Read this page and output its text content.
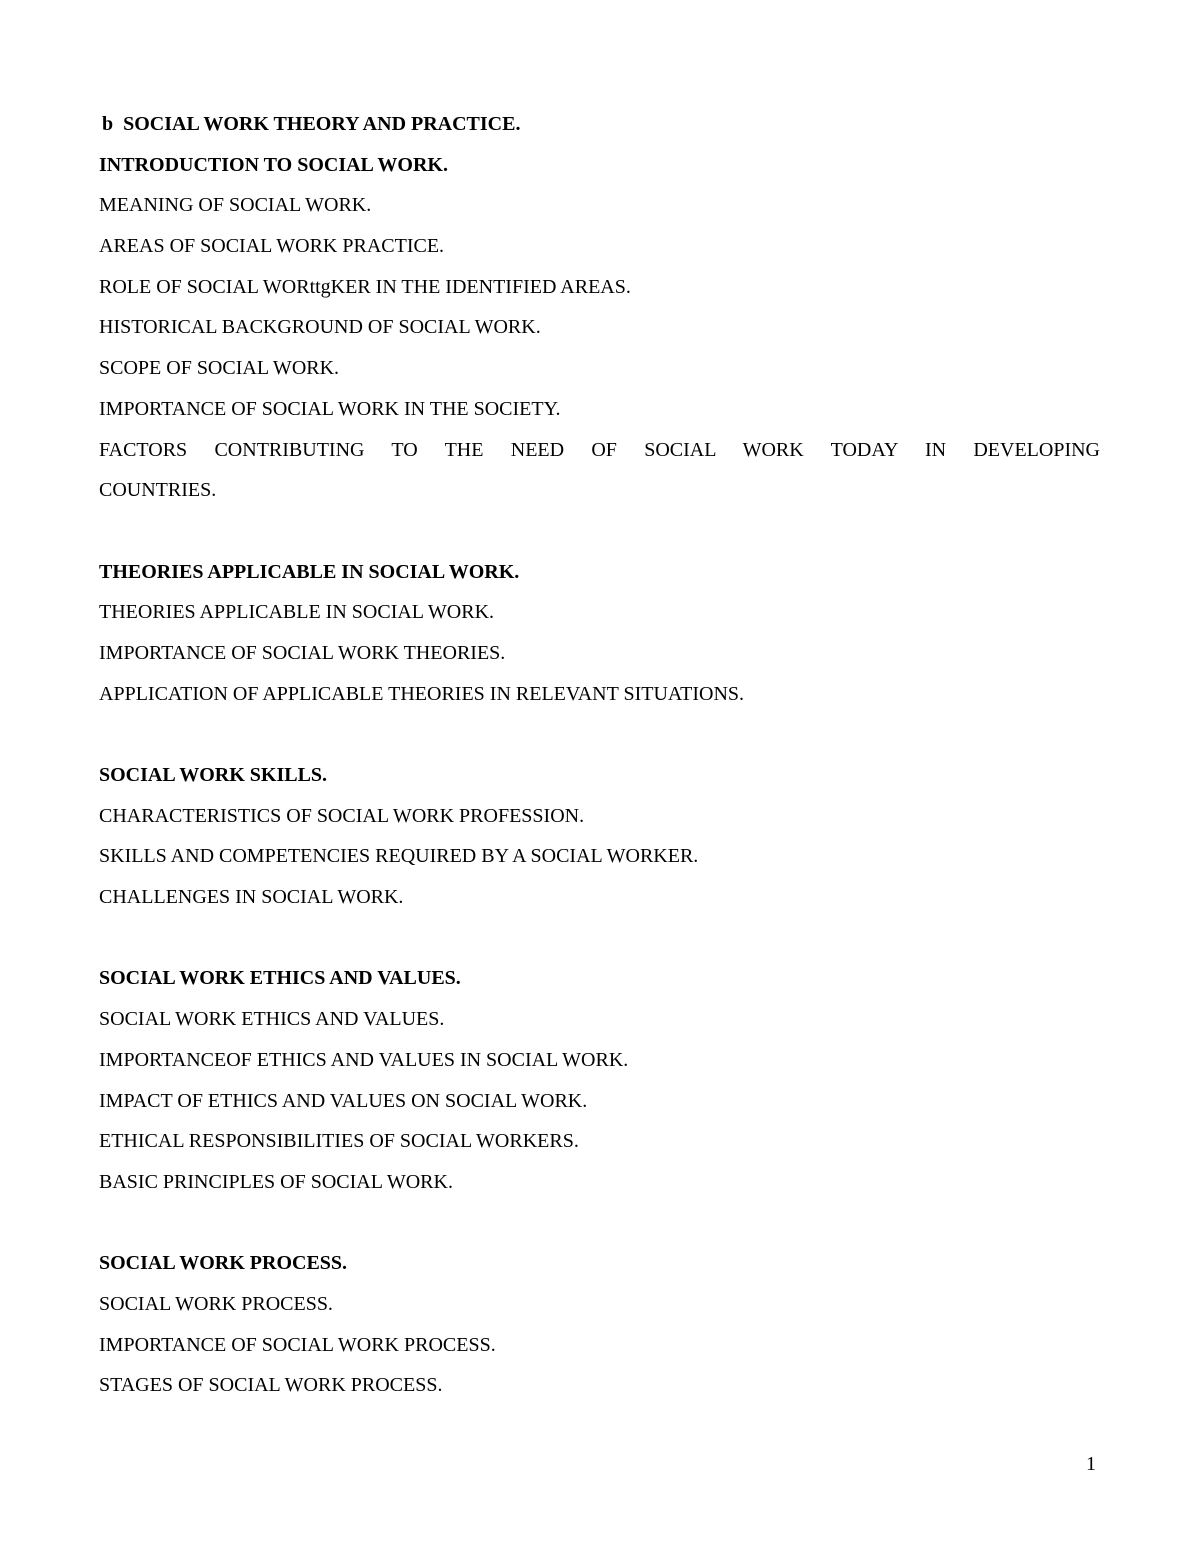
b SOCIAL WORK THEORY AND PRACTICE.
INTRODUCTION TO SOCIAL WORK.
MEANING OF SOCIAL WORK.
AREAS OF SOCIAL WORK PRACTICE.
ROLE OF SOCIAL WORttgKER IN THE IDENTIFIED AREAS.
HISTORICAL BACKGROUND OF SOCIAL WORK.
SCOPE OF SOCIAL WORK.
IMPORTANCE OF SOCIAL WORK IN THE SOCIETY.
FACTORS CONTRIBUTING TO THE NEED OF SOCIAL WORK TODAY IN DEVELOPING
COUNTRIES.
THEORIES APPLICABLE IN SOCIAL WORK.
THEORIES APPLICABLE IN SOCIAL WORK.
IMPORTANCE OF SOCIAL WORK THEORIES.
APPLICATION OF APPLICABLE THEORIES IN RELEVANT SITUATIONS.
SOCIAL WORK SKILLS.
CHARACTERISTICS OF SOCIAL WORK PROFESSION.
SKILLS AND COMPETENCIES REQUIRED BY A SOCIAL WORKER.
CHALLENGES IN SOCIAL WORK.
SOCIAL WORK ETHICS AND VALUES.
SOCIAL WORK ETHICS AND VALUES.
IMPORTANCEOF ETHICS AND VALUES IN SOCIAL WORK.
IMPACT OF ETHICS AND VALUES ON SOCIAL WORK.
ETHICAL RESPONSIBILITIES OF SOCIAL WORKERS.
BASIC PRINCIPLES OF SOCIAL WORK.
SOCIAL WORK PROCESS.
SOCIAL WORK PROCESS.
IMPORTANCE OF SOCIAL WORK PROCESS.
STAGES OF SOCIAL WORK PROCESS.
1
